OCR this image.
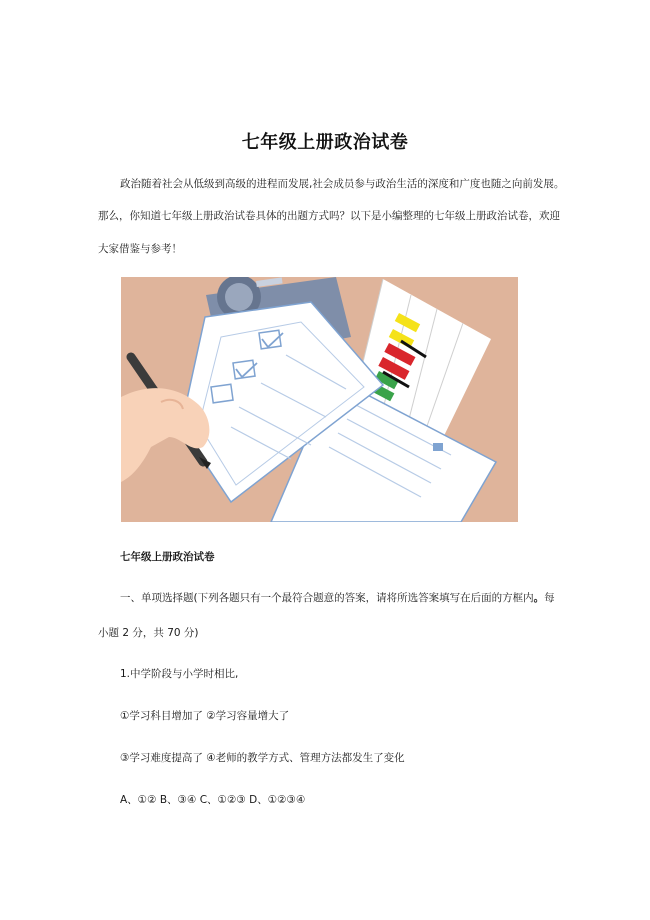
七年级上册政治试卷
政治随着社会从低级到高级的进程而发展,社会成员参与政治生活的深度和广度也随之向前发展。
那么，你知道七年级上册政治试卷具体的出题方式吗？以下是小编整理的七年级上册政治试卷，欢迎
大家借鉴与参考！
七年级上册政治试卷
一、单项选择题(下列各题只有一个最符合题意的答案，请将所选答案填写在后面的方框内。每
小题 2 分，共 70 分)
1.中学阶段与小学时相比,
①学习科目增加了 ②学习容量增大了
③学习难度提高了 ④老师的教学方式、管理方法都发生了变化
A、①② B、③④ C、①②③ D、①②③④
